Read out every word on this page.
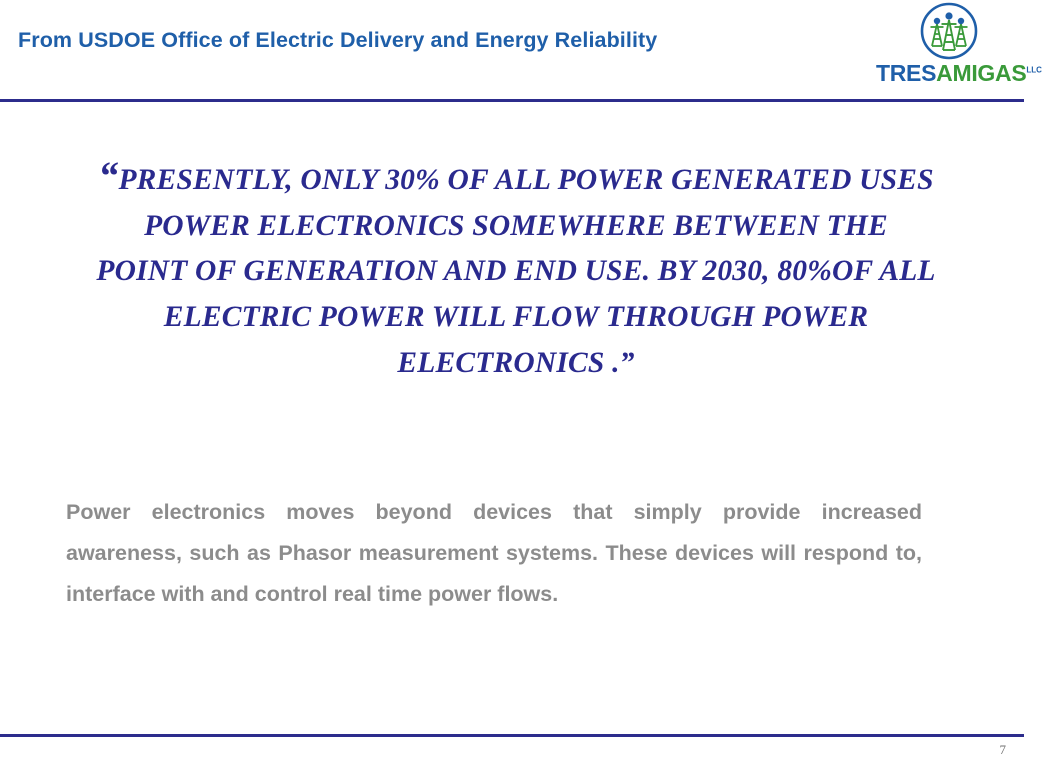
From USDOE Office of Electric Delivery and Energy Reliability
$TRESAMIGAS^{LLC}$
“PRESENTLY, ONLY 30% OF ALL POWER GENERATED USES POWER ELECTRONICS SOMEWHERE BETWEEN THE POINT OF GENERATION AND END USE. BY 2030, 80%OF ALL ELECTRIC POWER WILL FLOW THROUGH POWER ELECTRONICS .”
Power electronics moves beyond devices that simply provide increased awareness, such as Phasor measurement systems. These devices will respond to, interface with and control real time power flows.
7
